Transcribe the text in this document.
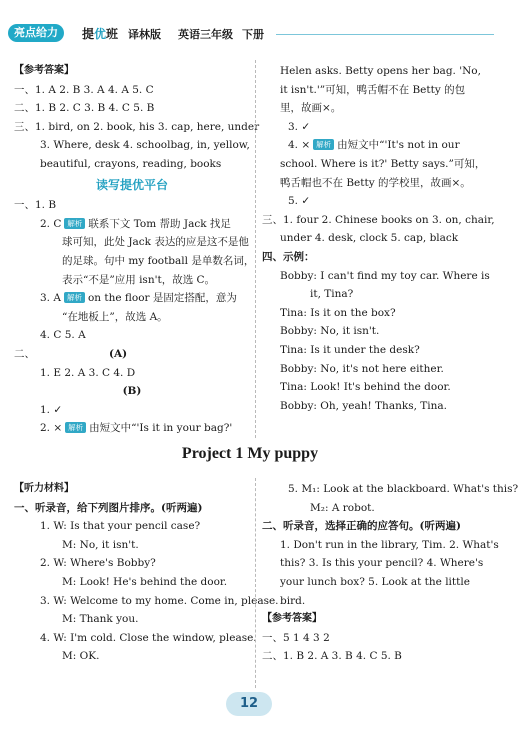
亮点给力	提优班 译林版 英语三年级 下册
【参考答案】
一、1. A 2. B 3. A 4. A 5. C
二、1. B 2. C 3. B 4. C 5. B
三、1. bird, on 2. book, his 3. cap, here, under
3. Where, desk 4. schoolbag, in, yellow,
beautiful, crayons, reading, books
读写提优平台
一、1. B
2. C 解析 联系下文 Tom 帮助 Jack 找足
球可知，此处 Jack 表达的应是这不是他
的足球。句中 my football 是单数名词，
表示“不是”应用 isn't，故选 C。
3. A 解析 on the floor 是固定搭配，意为
“在地板上”，故选 A。
4. C 5. A
二、	(A)
1. E 2. A 3. C 4. D
(B)
1. ✓
2. × 解析 由短文中“'Is it in your bag?'
Helen asks. Betty opens her bag. 'No,
it isn't.'”可知，鸭舌帽不在 Betty 的包
里，故画×。
3. ✓
4. × 解析 由短文中“'It's not in our
school. Where is it?' Betty says.”可知，
鸭舌帽也不在 Betty 的学校里，故画×。
5. ✓
三、1. four 2. Chinese books on 3. on, chair,
under 4. desk, clock 5. cap, black
四、示例：
Bobby: I can't find my toy car. Where is
it, Tina?
Tina: Is it on the box?
Bobby: No, it isn't.
Tina: Is it under the desk?
Bobby: No, it's not here either.
Tina: Look! It's behind the door.
Bobby: Oh, yeah! Thanks, Tina.
Project 1 My puppy
【听力材料】
一、听录音，给下列图片排序。(听两遍)
1. W: Is that your pencil case?
M: No, it isn't.
2. W: Where's Bobby?
M: Look! He's behind the door.
3. W: Welcome to my home. Come in, please.
M: Thank you.
4. W: I'm cold. Close the window, please.
M: OK.
5. M₁: Look at the blackboard. What's this?
M₂: A robot.
二、听录音，选择正确的应答句。(听两遍)
1. Don't run in the library, Tim. 2. What's
this? 3. Is this your pencil? 4. Where's
your lunch box? 5. Look at the little
bird.
【参考答案】
一、5 1 4 3 2
二、1. B 2. A 3. B 4. C 5. B
12
